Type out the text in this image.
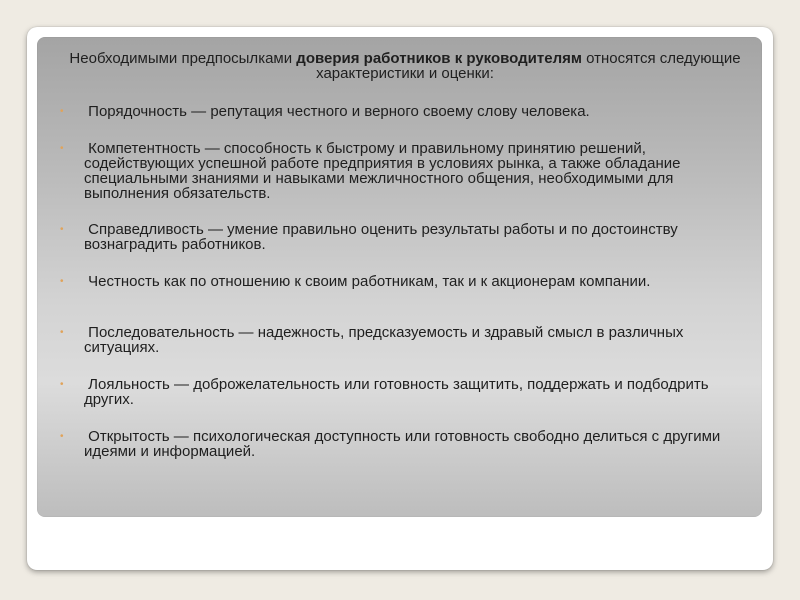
Необходимыми предпосылками доверия работников к руководителям относятся следующие характеристики и оценки:
•	Порядочность — репутация честного и верного своему слову человека.
•	Компетентность — способность к быстрому и правильному принятию решений, содействующих успешной работе предприятия в условиях рынка, а также обладание специальными знаниями и навыками межличностного общения, необходимыми для выполнения обязательств.
•	Справедливость — умение правильно оценить результаты работы и по достоинству вознаградить работников.
•	Честность как по отношению к своим работникам, так и к акционерам компании.
•	Последовательность — надежность, предсказуемость и здравый смысл в различных ситуациях.
•	Лояльность — доброжелательность или готовность защитить, поддержать и подбодрить других.
•	Открытость — психологическая доступность или готовность свободно делиться с другими идеями и информацией.
